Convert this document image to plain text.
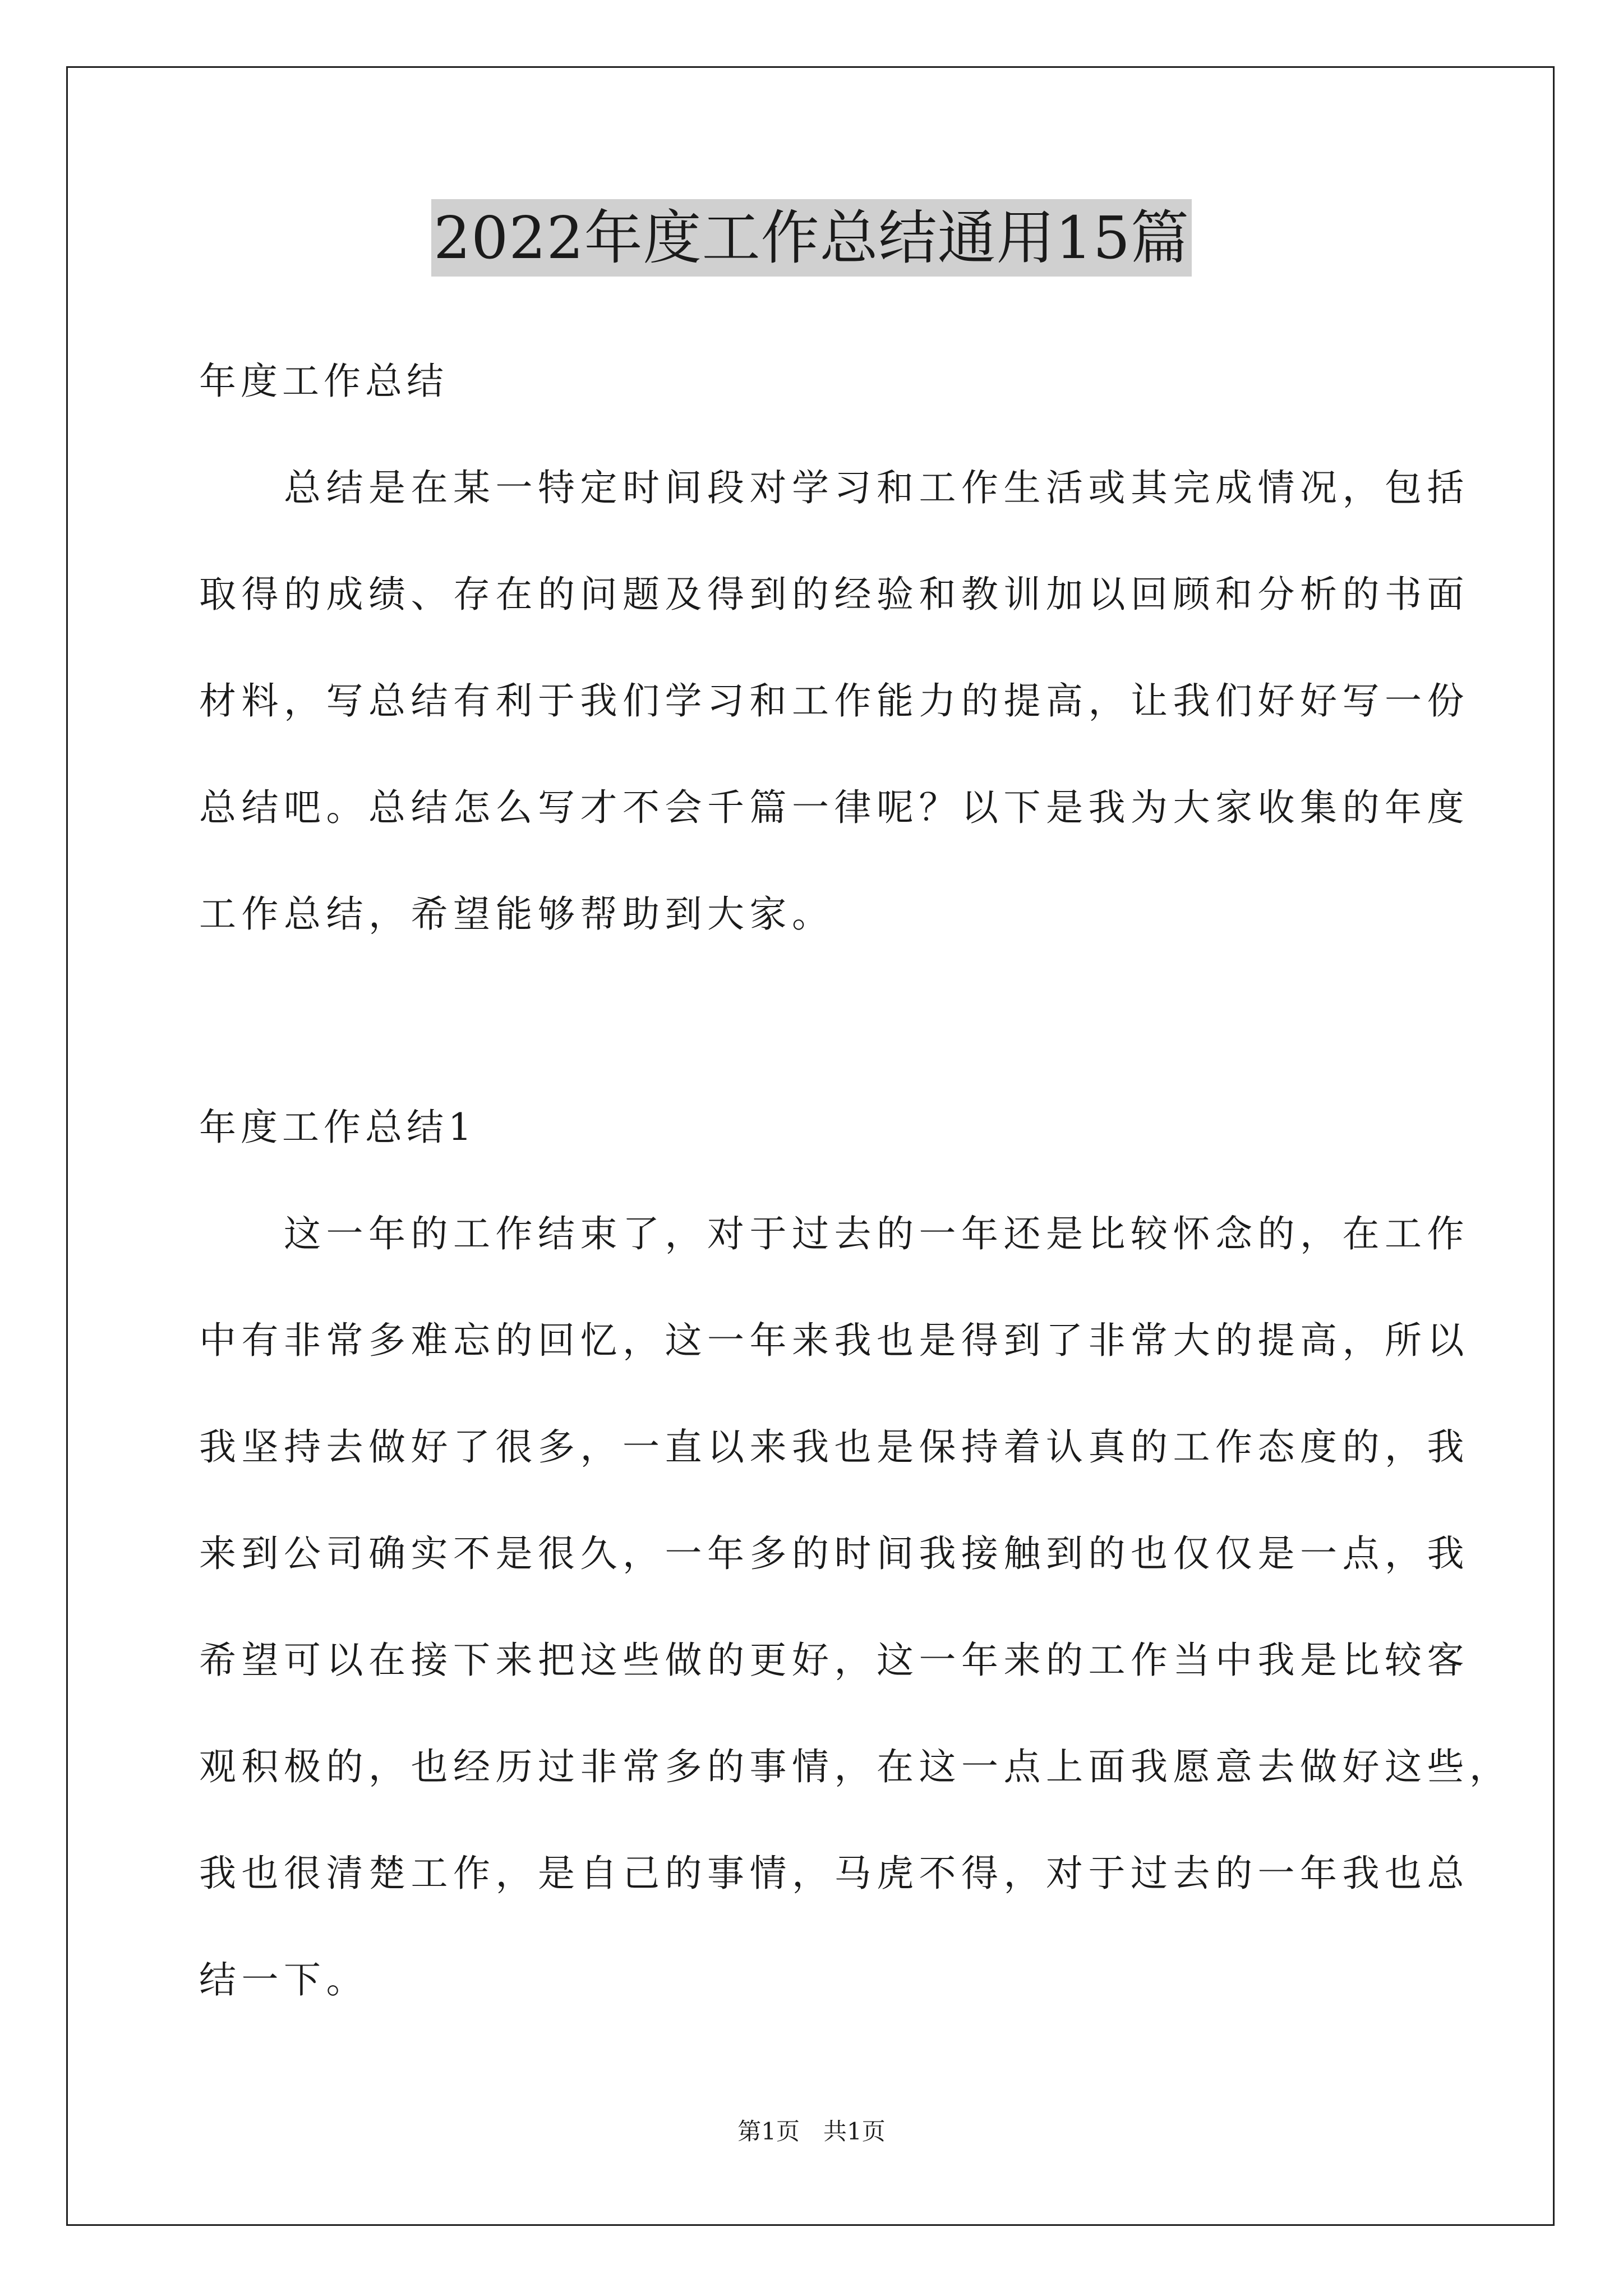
2022年度工作总结通用15篇
年度工作总结
　　总结是在某一特定时间段对学习和工作生活或其完成情况，包括
取得的成绩、存在的问题及得到的经验和教训加以回顾和分析的书面
材料，写总结有利于我们学习和工作能力的提高，让我们好好写一份
总结吧。总结怎么写才不会千篇一律呢？以下是我为大家收集的年度
工作总结，希望能够帮助到大家。
年度工作总结1
　　这一年的工作结束了，对于过去的一年还是比较怀念的，在工作
中有非常多难忘的回忆，这一年来我也是得到了非常大的提高，所以
我坚持去做好了很多，一直以来我也是保持着认真的工作态度的，我
来到公司确实不是很久，一年多的时间我接触到的也仅仅是一点，我
希望可以在接下来把这些做的更好，这一年来的工作当中我是比较客
观积极的，也经历过非常多的事情，在这一点上面我愿意去做好这些，
我也很清楚工作，是自己的事情，马虎不得，对于过去的一年我也总
结一下。
第1页　共1页
